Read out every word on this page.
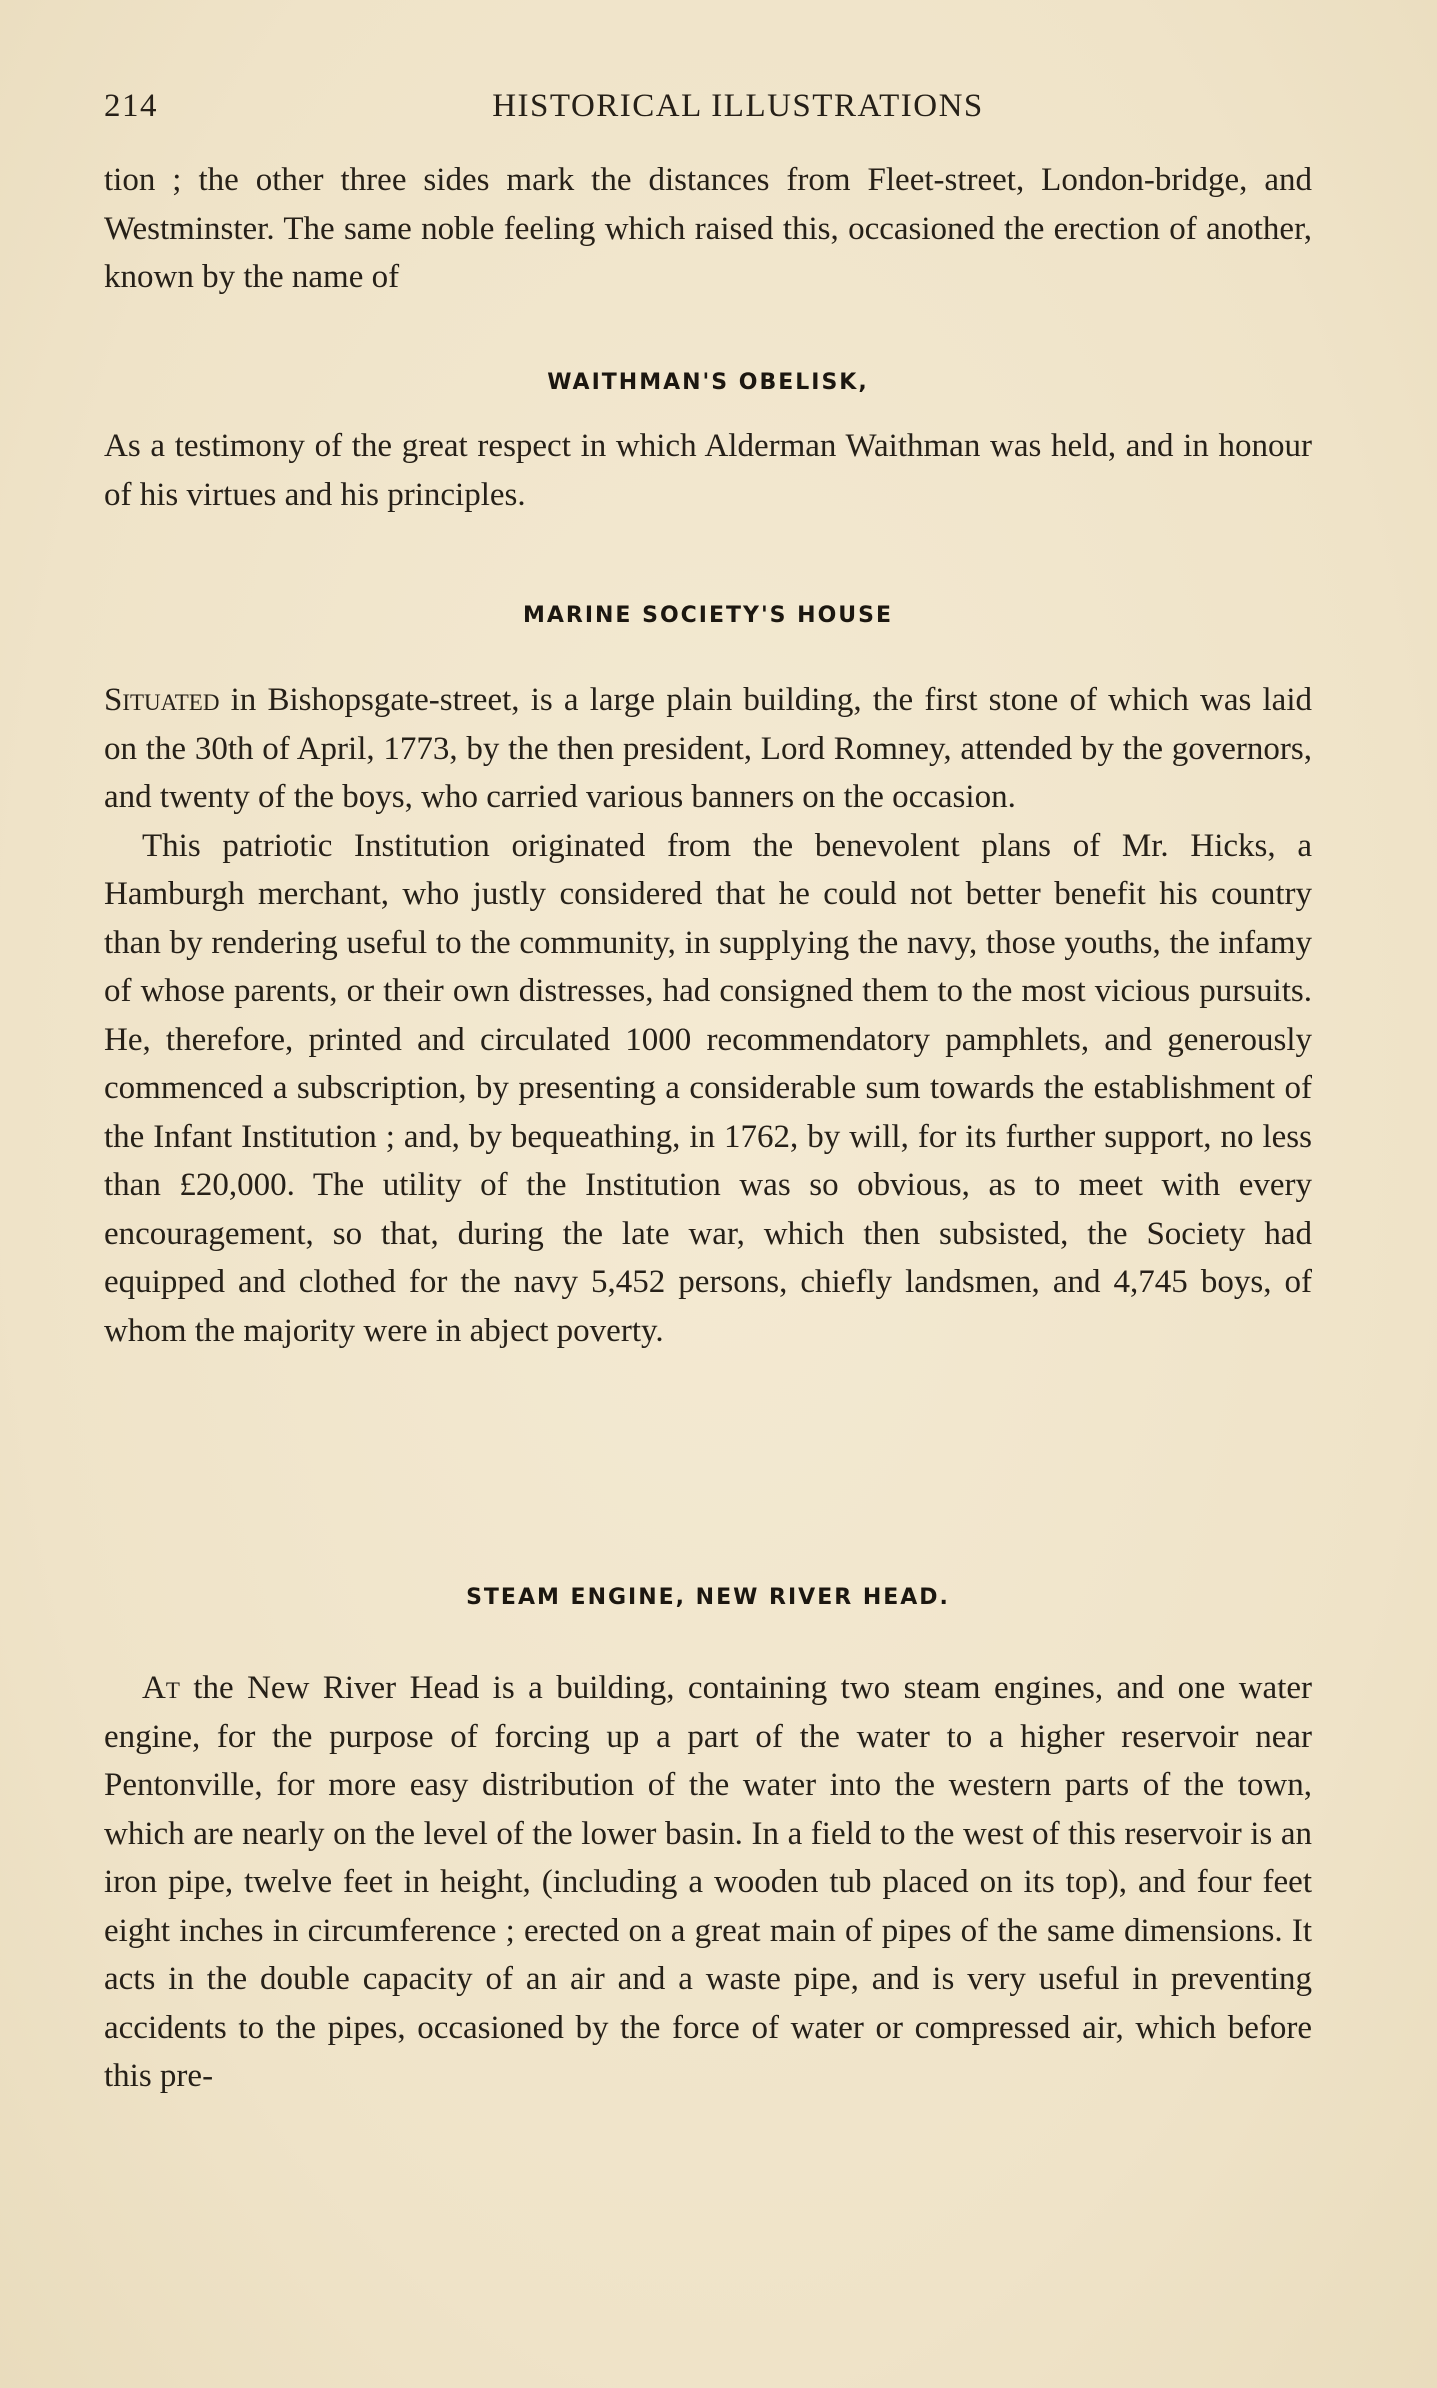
214	HISTORICAL ILLUSTRATIONS

tion ; the other three sides mark the distances from Fleet-street, London-bridge, and Westminster. The same noble feeling which raised this, occasioned the erection of another, known by the name of

WAITHMAN'S OBELISK,

As a testimony of the great respect in which Alderman Waithman was held, and in honour of his virtues and his principles.

MARINE SOCIETY'S HOUSE

Situated in Bishopsgate-street, is a large plain building, the first stone of which was laid on the 30th of April, 1773, by the then president, Lord Romney, attended by the governors, and twenty of the boys, who carried various banners on the occasion.

This patriotic Institution originated from the benevolent plans of Mr. Hicks, a Hamburgh merchant, who justly considered that he could not better benefit his country than by rendering useful to the community, in supplying the navy, those youths, the infamy of whose parents, or their own distresses, had consigned them to the most vicious pursuits. He, therefore, printed and circulated 1000 recommendatory pamphlets, and generously commenced a subscription, by presenting a considerable sum towards the establishment of the Infant Institution ; and, by bequeathing, in 1762, by will, for its further support, no less than £20,000. The utility of the Institution was so obvious, as to meet with every encouragement, so that, during the late war, which then subsisted, the Society had equipped and clothed for the navy 5,452 persons, chiefly landsmen, and 4,745 boys, of whom the majority were in abject poverty.

STEAM ENGINE, NEW RIVER HEAD.

At the New River Head is a building, containing two steam engines, and one water engine, for the purpose of forcing up a part of the water to a higher reservoir near Pentonville, for more easy distribution of the water into the western parts of the town, which are nearly on the level of the lower basin. In a field to the west of this reservoir is an iron pipe, twelve feet in height, (including a wooden tub placed on its top), and four feet eight inches in circumference ; erected on a great main of pipes of the same dimensions. It acts in the double capacity of an air and a waste pipe, and is very useful in preventing accidents to the pipes, occasioned by the force of water or compressed air, which before this pre-
